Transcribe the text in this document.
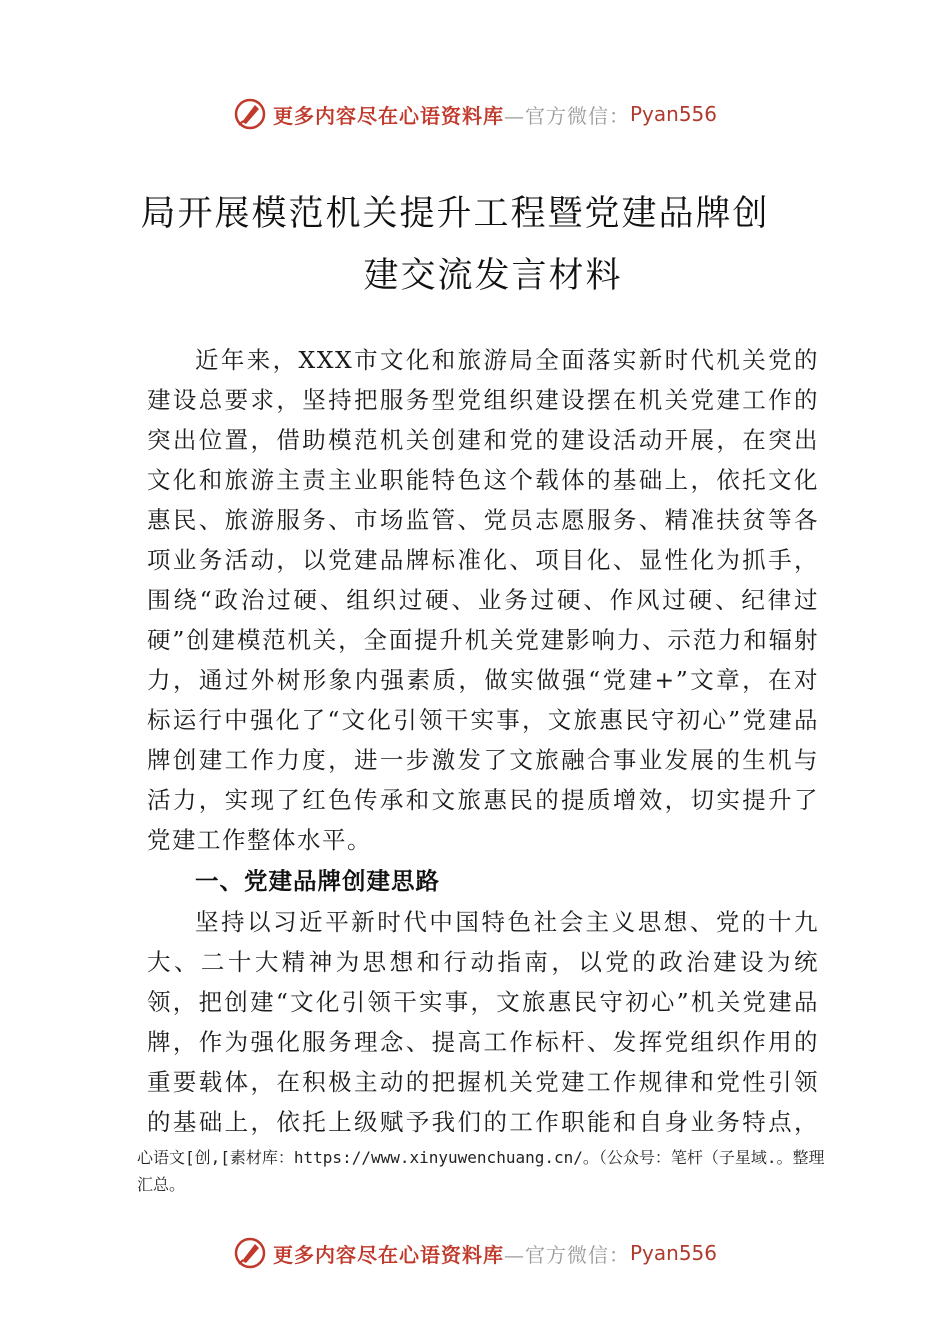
更多内容尽在心语资料库 —官方微信： Pyan556
局开展模范机关提升工程暨党建品牌创
建交流发言材料
近年来，XXX市文化和旅游局全面落实新时代机关党的建设总要求，坚持把服务型党组织建设摆在机关党建工作的突出位置，借助模范机关创建和党的建设活动开展，在突出文化和旅游主责主业职能特色这个载体的基础上，依托文化惠民、旅游服务、市场监管、党员志愿服务、精准扶贫等各项业务活动，以党建品牌标准化、项目化、显性化为抓手， 围绕“政治过硬、组织过硬、业务过硬、作风过硬、纪律过硬”创建模范机关，全面提升机关党建影响力、示范力和辐射力，通过外树形象内强素质，做实做强“党建+”文章，在对标运行中强化了“文化引领干实事，文旅惠民守初心”党建品牌创建工作力度，进一步激发了文旅融合事业发展的生机与活力，实现了红色传承和文旅惠民的提质增效，切实提升了党建工作整体水平。
一、党建品牌创建思路
坚持以习近平新时代中国特色社会主义思想、党的十九大、二十大精神为思想和行动指南，以党的政治建设为统领，把创建“文化引领干实事，文旅惠民守初心”机关党建品牌，作为强化服务理念、提高工作标杆、发挥党组织作用的重要载体，在积极主动的把握机关党建工作规律和党性引领的基础上，依托上级赋予我们的工作职能和自身业务特点，
心语文[创,[素材库：https://www.xinyuwenchuang.cn/。（公众号：笔杆（子星域.。整理汇总。
更多内容尽在心语资料库 —官方微信： Pyan556
